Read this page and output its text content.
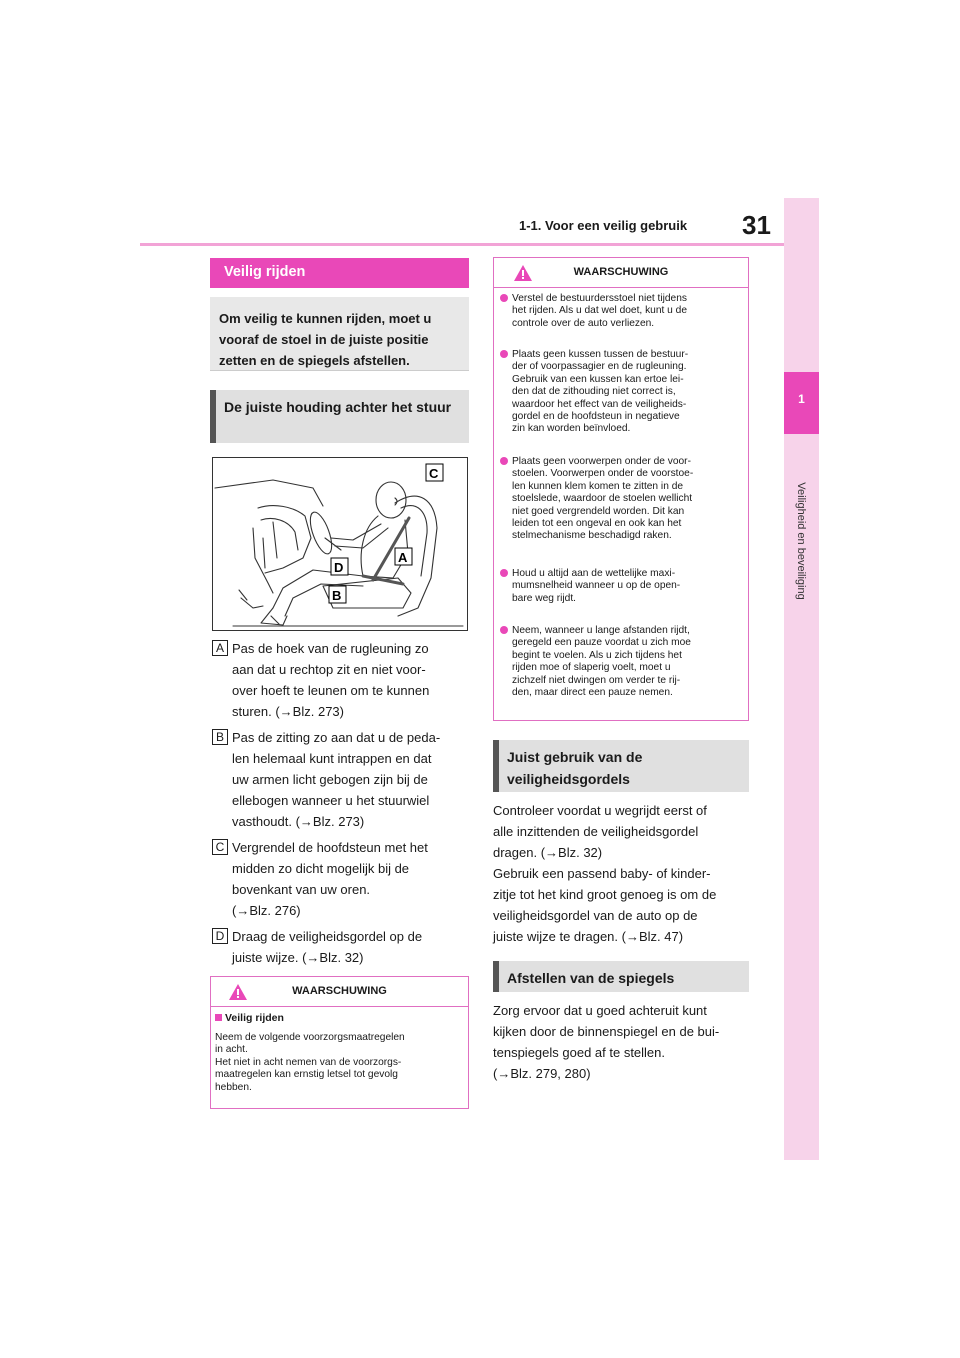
1-1. Voor een veilig gebruik 31
1
Veiligheid en beveiliging
Veilig rijden
Om veilig te kunnen rijden, moet u vooraf de stoel in de juiste positie zetten en de spiegels afstellen.
De juiste houding achter het stuur
C
A
D
B
A Pas de hoek van de rugleuning zo
aan dat u rechtop zit en niet voor-
over hoeft te leunen om te kunnen
sturen. (→Blz. 273)
B Pas de zitting zo aan dat u de peda-
len helemaal kunt intrappen en dat
uw armen licht gebogen zijn bij de
ellebogen wanneer u het stuurwiel
vasthoudt. (→Blz. 273)
C Vergrendel de hoofdsteun met het
midden zo dicht mogelijk bij de
bovenkant van uw oren.
(→Blz. 276)
D Draag de veiligheidsgordel op de
juiste wijze. (→Blz. 32)
WAARSCHUWING
Veilig rijden
Neem de volgende voorzorgsmaatregelen
in acht.
Het niet in acht nemen van de voorzorgs-
maatregelen kan ernstig letsel tot gevolg
hebben.
WAARSCHUWING
Verstel de bestuurdersstoel niet tijdens
het rijden. Als u dat wel doet, kunt u de
controle over de auto verliezen.
Plaats geen kussen tussen de bestuur-
der of voorpassagier en de rugleuning.
Gebruik van een kussen kan ertoe lei-
den dat de zithouding niet correct is,
waardoor het effect van de veiligheids-
gordel en de hoofdsteun in negatieve
zin kan worden beïnvloed.
Plaats geen voorwerpen onder de voor-
stoelen. Voorwerpen onder de voorstoe-
len kunnen klem komen te zitten in de
stoelslede, waardoor de stoelen wellicht
niet goed vergrendeld worden. Dit kan
leiden tot een ongeval en ook kan het
stelmechanisme beschadigd raken.
Houd u altijd aan de wettelijke maxi-
mumsnelheid wanneer u op de open-
bare weg rijdt.
Neem, wanneer u lange afstanden rijdt,
geregeld een pauze voordat u zich moe
begint te voelen. Als u zich tijdens het
rijden moe of slaperig voelt, moet u
zichzelf niet dwingen om verder te rij-
den, maar direct een pauze nemen.
Juist gebruik van de
veiligheidsgordels
Controleer voordat u wegrijdt eerst of
alle inzittenden de veiligheidsgordel
dragen. (→Blz. 32)
Gebruik een passend baby- of kinder-
zitje tot het kind groot genoeg is om de
veiligheidsgordel van de auto op de
juiste wijze te dragen. (→Blz. 47)
Afstellen van de spiegels
Zorg ervoor dat u goed achteruit kunt
kijken door de binnenspiegel en de bui-
tenspiegels goed af te stellen.
(→Blz. 279, 280)
